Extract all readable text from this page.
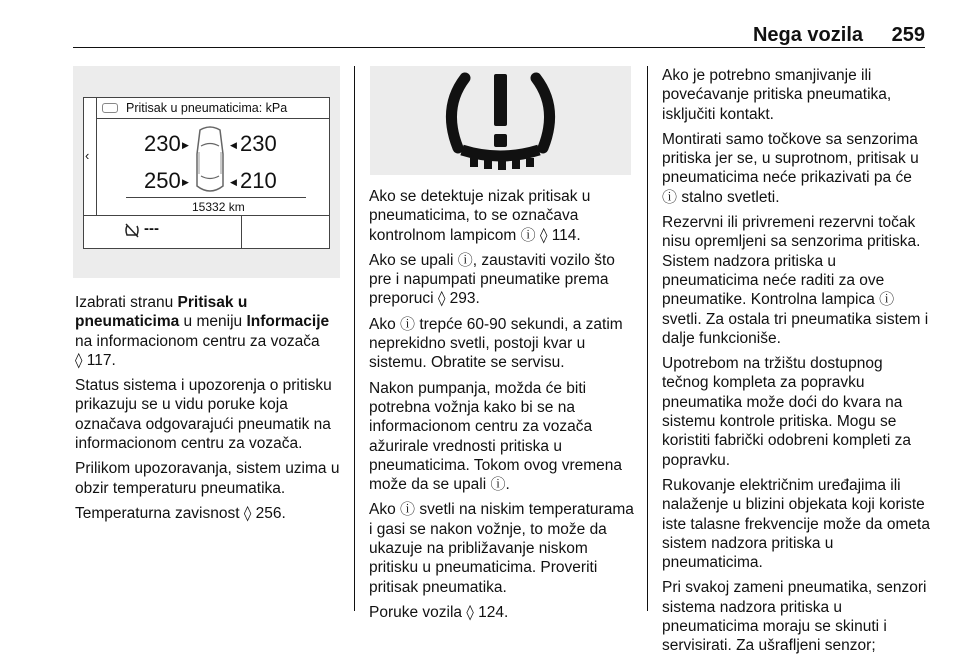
Nega vozila 259
‹
Pritisak u pneumaticima: kPa
230 ▶	◀ 230
250 ▶	◀ 210
15332 km
---

Izabrati stranu Pritisak u pneumaticima u meniju Informacije na informacionom centru za vozača
◊ 117.

Status sistema i upozorenja o pritisku prikazuju se u vidu poruke koja označava odgovarajući pneumatik na informacionom centru za vozača.

Prilikom upozoravanja, sistem uzima u obzir temperaturu pneumatika.

Temperaturna zavisnost ◊ 256.

Ako se detektuje nizak pritisak u pneumaticima, to se označava kontrolnom lampicom ⓘ ◊ 114.

Ako se upali ⓘ, zaustaviti vozilo što pre i napumpati pneumatike prema preporuci ◊ 293.

Ako ⓘ trepće 60-90 sekundi, a zatim neprekidno svetli, postoji kvar u sistemu. Obratite se servisu.

Nakon pumpanja, možda će biti potrebna vožnja kako bi se na informacionom centru za vozača ažurirale vrednosti pritiska u pneumaticima. Tokom ovog vremena može da se upali ⓘ.

Ako ⓘ svetli na niskim temperaturama i gasi se nakon vožnje, to može da ukazuje na približavanje niskom pritisku u pneumaticima. Proveriti pritisak pneumatika.

Poruke vozila ◊ 124.

Ako je potrebno smanjivanje ili povećavanje pritiska pneumatika, isključiti kontakt.

Montirati samo točkove sa senzorima pritiska jer se, u suprotnom, pritisak u pneumaticima neće prikazivati pa će ⓘ stalno svetleti.

Rezervni ili privremeni rezervni točak nisu opremljeni sa senzorima pritiska. Sistem nadzora pritiska u pneumaticima neće raditi za ove pneumatike. Kontrolna lampica ⓘ svetli. Za ostala tri pneumatika sistem i dalje funkcioniše.

Upotrebom na tržištu dostupnog tečnog kompleta za popravku pneumatika može doći do kvara na sistemu kontrole pritiska. Mogu se koristiti fabrički odobreni kompleti za popravku.

Rukovanje električnim uređajima ili nalaženje u blizini objekata koji koriste iste talasne frekvencije može da ometa sistem nadzora pritiska u pneumaticima.

Pri svakoj zameni pneumatika, senzori sistema nadzora pritiska u pneumaticima moraju se skinuti i servisirati. Za ušrafljeni senzor;
